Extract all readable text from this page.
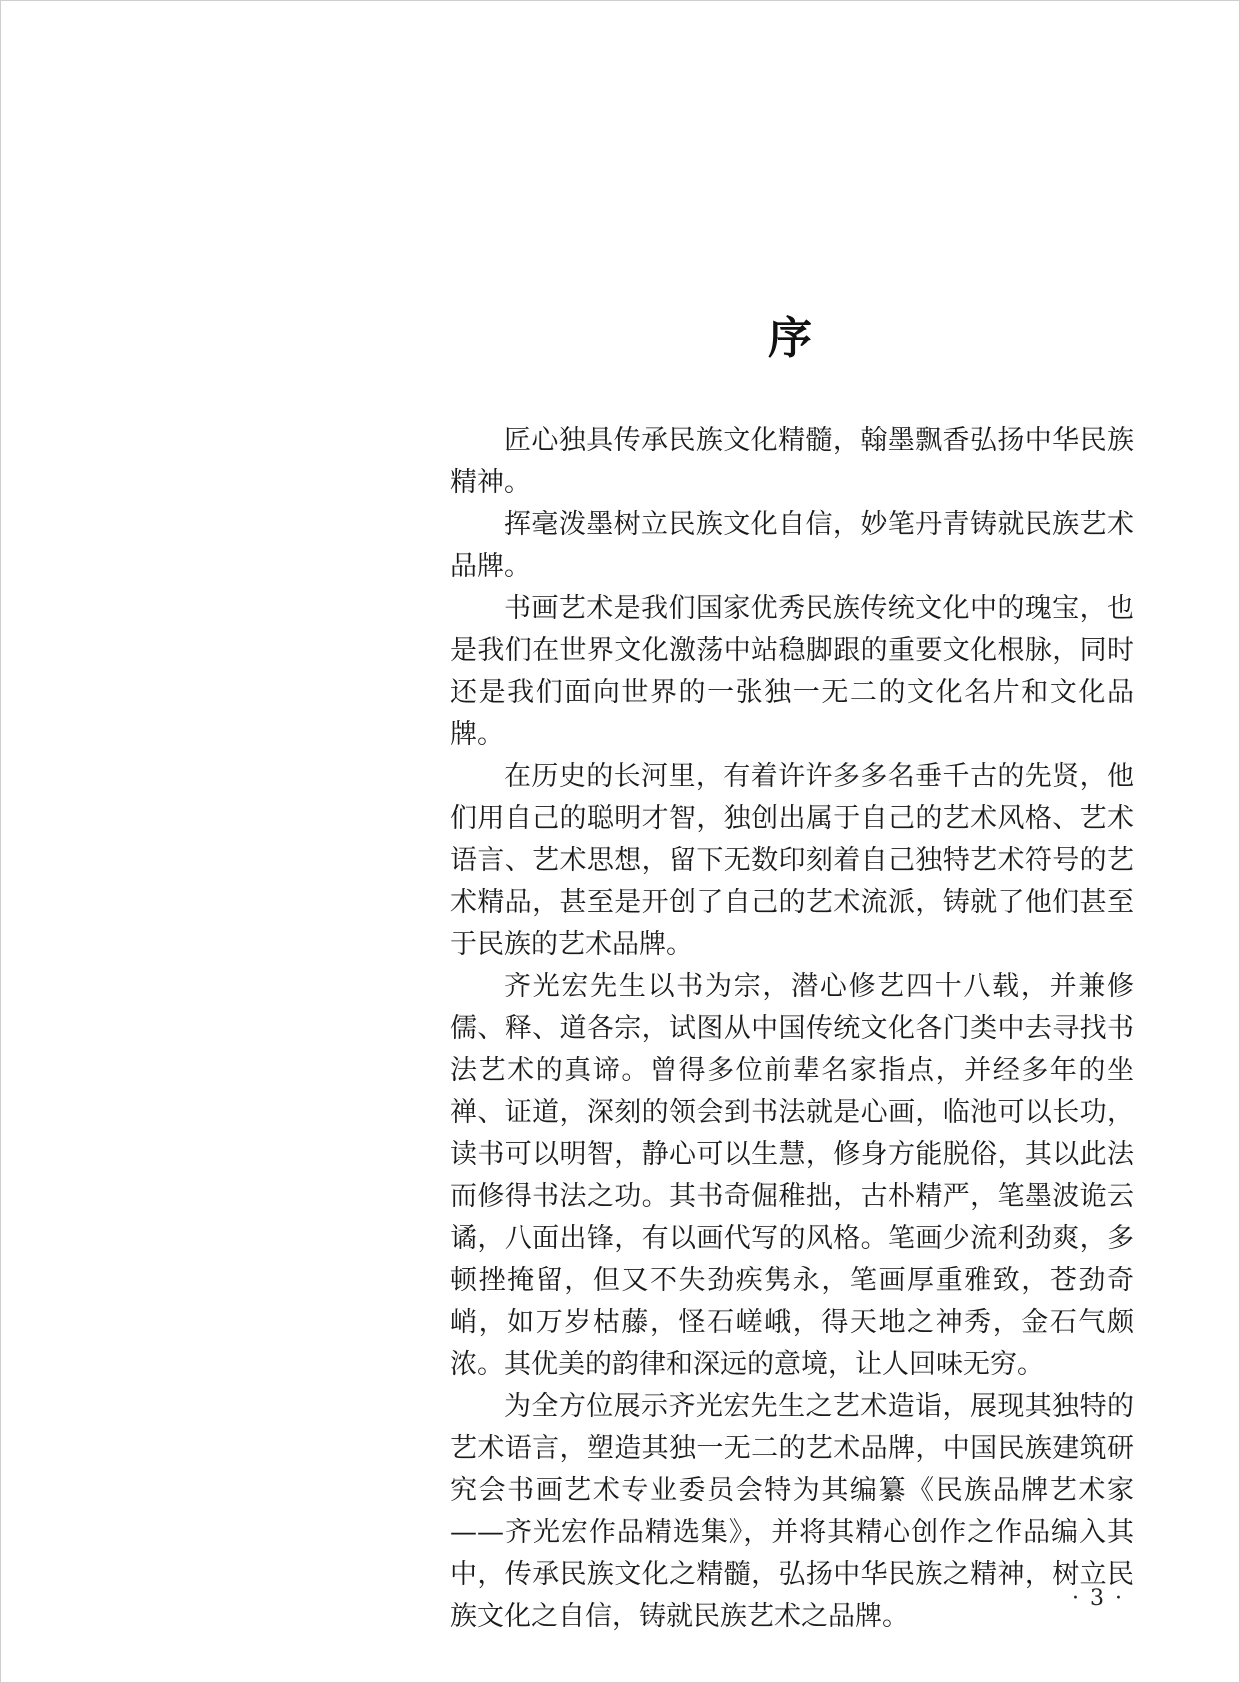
序

匠心独具传承民族文化精髓，翰墨飘香弘扬中华民族精神。

挥毫泼墨树立民族文化自信，妙笔丹青铸就民族艺术品牌。

书画艺术是我们国家优秀民族传统文化中的瑰宝，也是我们在世界文化激荡中站稳脚跟的重要文化根脉，同时还是我们面向世界的一张独一无二的文化名片和文化品牌。

在历史的长河里，有着许许多多名垂千古的先贤，他们用自己的聪明才智，独创出属于自己的艺术风格、艺术语言、艺术思想，留下无数印刻着自己独特艺术符号的艺术精品，甚至是开创了自己的艺术流派，铸就了他们甚至于民族的艺术品牌。

齐光宏先生以书为宗，潜心修艺四十八载，并兼修儒、释、道各宗，试图从中国传统文化各门类中去寻找书法艺术的真谛。曾得多位前辈名家指点，并经多年的坐禅、证道，深刻的领会到书法就是心画，临池可以长功，读书可以明智，静心可以生慧，修身方能脱俗，其以此法而修得书法之功。其书奇倔稚拙，古朴精严，笔墨波诡云谲，八面出锋，有以画代写的风格。笔画少流利劲爽，多顿挫掩留，但又不失劲疾隽永，笔画厚重雅致，苍劲奇峭，如万岁枯藤，怪石嵯峨，得天地之神秀，金石气颇浓。其优美的韵律和深远的意境，让人回味无穷。

为全方位展示齐光宏先生之艺术造诣，展现其独特的艺术语言，塑造其独一无二的艺术品牌，中国民族建筑研究会书画艺术专业委员会特为其编纂《民族品牌艺术家——齐光宏作品精选集》，并将其精心创作之作品编入其中，传承民族文化之精髓，弘扬中华民族之精神，树立民族文化之自信，铸就民族艺术之品牌。

· 3 ·
